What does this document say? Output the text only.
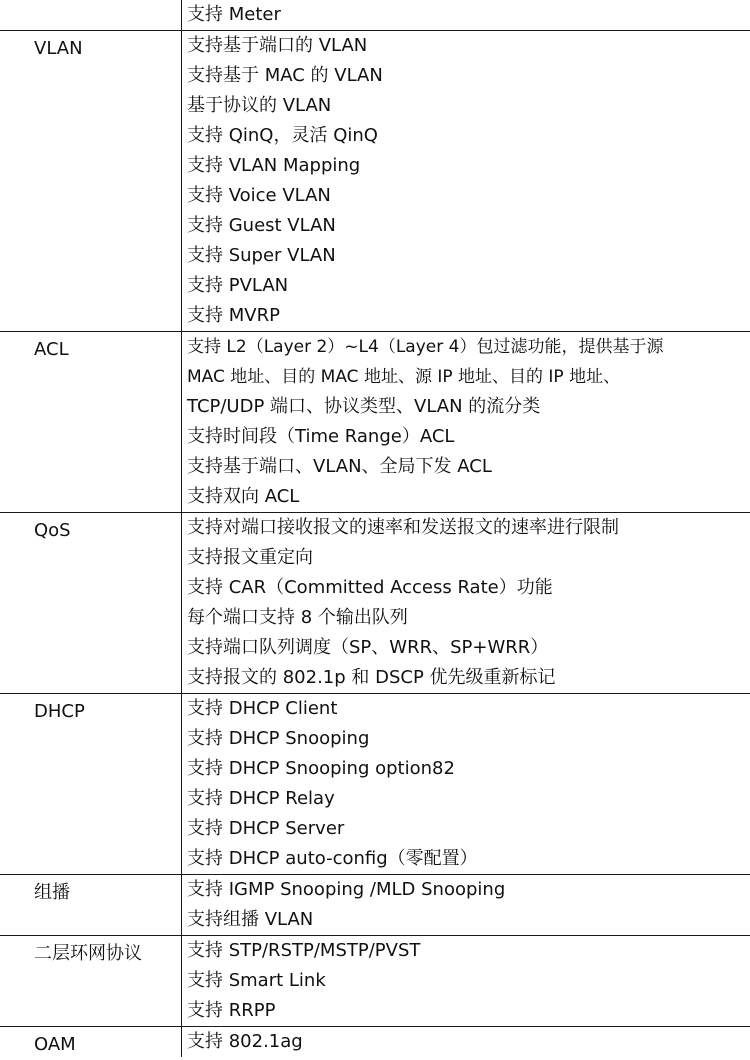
支持 Meter
VLAN	支持基于端口的 VLAN
支持基于 MAC 的 VLAN
基于协议的 VLAN
支持 QinQ，灵活 QinQ
支持 VLAN Mapping
支持 Voice VLAN
支持 Guest VLAN
支持 Super VLAN
支持 PVLAN
支持 MVRP
ACL	支持 L2（Layer 2）~L4（Layer 4）包过滤功能，提供基于源
MAC 地址、目的 MAC 地址、源 IP 地址、目的 IP 地址、
TCP/UDP 端口、协议类型、VLAN 的流分类
支持时间段（Time Range）ACL
支持基于端口、VLAN、全局下发 ACL
支持双向 ACL
QoS	支持对端口接收报文的速率和发送报文的速率进行限制
支持报文重定向
支持 CAR（Committed Access Rate）功能
每个端口支持 8 个输出队列
支持端口队列调度（SP、WRR、SP+WRR）
支持报文的 802.1p 和 DSCP 优先级重新标记
DHCP	支持 DHCP Client
支持 DHCP Snooping
支持 DHCP Snooping option82
支持 DHCP Relay
支持 DHCP Server
支持 DHCP auto-config（零配置）
组播	支持 IGMP Snooping /MLD Snooping
支持组播 VLAN
二层环网协议	支持 STP/RSTP/MSTP/PVST
支持 Smart Link
支持 RRPP
OAM	支持 802.1ag
